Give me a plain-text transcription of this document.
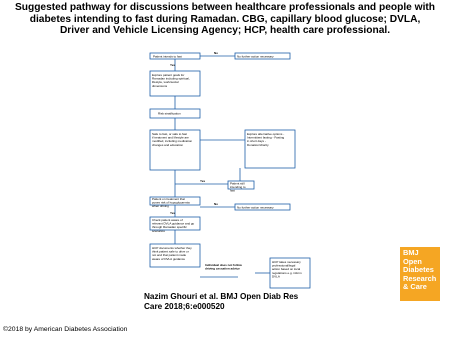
Suggested pathway for discussions between healthcare professionals and people with diabetes intending to fast during Ramadan. CBG, capillary blood glucose; DVLA, Driver and Vehicle Licensing Agency; HCP, health care professional.
Patient intends to fast
Yes
No further action necessary
No
Explore patient goals for Ramadan including spiritual, lifestyle, work/social dimensions
Risk stratification
Safe to fast, or safe to fast if treatment and lifestyle are modified, including medication changes and education
Explore alternative options -Intermittent fasting - Fasting in short days -Donation/charity
Patient still intending to fast
Yes
Patient on treatment that poses risk of hypoglycaemia when driving	No further action necessary
No
Yes
Check patient aware of relevant DVLA guidance and go through Ramadan specific scenarios
HCP documents whether they think patient safe to drive or not and that patient made aware of DVLA guidance
Individual does not follow driving cessation advice
HCP takes necessary professional/legal action based on local regulations e.g. inform DVLA
Nazim Ghouri et al. BMJ Open Diab Res Care 2018;6:e000520
©2018 by American Diabetes Association
BMJ Open
Diabetes
Research
& Care
